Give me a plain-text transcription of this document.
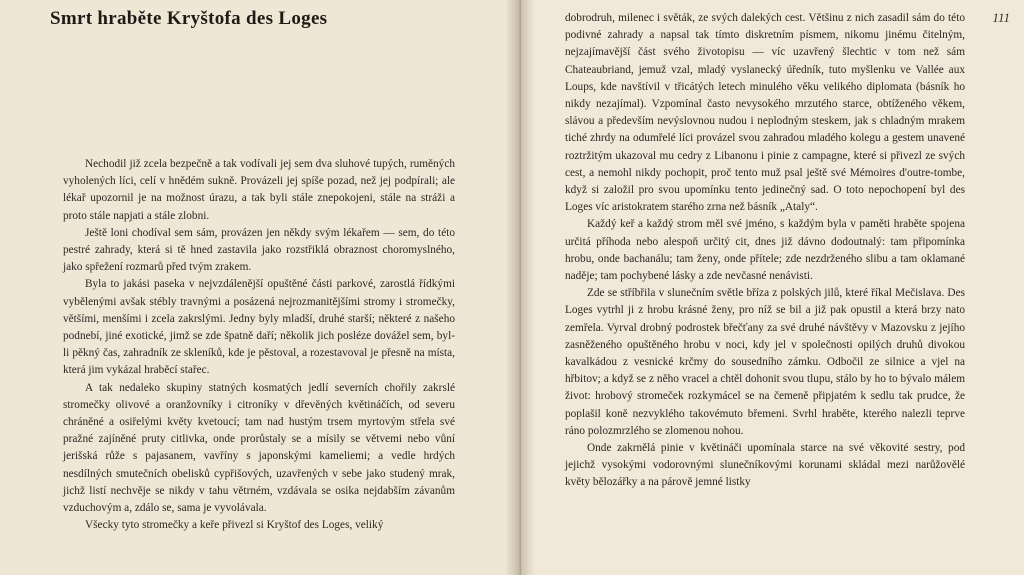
Smrt hraběte Kryštofa des Loges

Nechodil již zcela bezpečně a tak vodívali jej sem dva sluhové tupých, ruměných vyholených líci, celí v hnědém sukně. Provázeli jej spíše pozad, než jej podpírali; ale lékař upozornil je na možnost úrazu, a tak byli stále znepokojeni, stále na stráži a proto stále napjati a stále zlobni.

Ještě loni chodíval sem sám, provázen jen někdy svým lékařem — sem, do této pestré zahrady, která si tě hned zastavila jako rozstřiklá obraznost choromyslného, jako spřežení rozmarů před tvým zrakem.

Byla to jakási paseka v nejvzdálenější opuštěné části parkové, zarostlá řídkými vybělenými avšak stébly travnými a posázená nejrozmanitějšími stromy i stromečky, většími, menšími i zcela zakrslými. Jedny byly mladší, druhé starší; některé z našeho podnebí, jiné exotické, jimž se zde špatně daří; několik jich posléze dovážel sem, byl-li pěkný čas, zahradník ze skleníků, kde je pěstoval, a rozestavoval je přesně na místa, která jim vykázal hraběcí stařec.

A tak nedaleko skupiny statných kosmatých jedlí severních chořily zakrslé stromečky olivové a oranžovníky i citroníky v dřevěných květináčích, od severu chráněné a osiřelými květy kvetoucí; tam nad hustým trsem myrtovým střela své pražné zajíněné pruty citlivka, onde prorůstaly se a mísily se větvemi nebo vůní jerišská růže s pajasanem, vavříny s japonskými kameliemi; a vedle hrdých nesdílných smutečních obelisků cypřišových, uzavřených v sebe jako studený mrak, jichž listí nechvěje se nikdy v tahu větrném, vzdávala se osika nejdabším závanům vzduchovým a, zdálo se, sama je vyvolávala.

Všecky tyto stromečky a keře přivezl si Kryštof des Loges, veliký

111

dobrodruh, milenec i světák, ze svých dalekých cest. Většinu z nich zasadil sám do této podivné zahrady a napsal tak tímto diskretním písmem, nikomu jinému čitelným, nejzajímavější část svého životopisu — víc uzavřený šlechtic v tom než sám Chateaubriand, jemuž vzal, mladý vyslanecký úředník, tuto myšlenku ve Vallée aux Loups, kde navštívil v třicátých letech minulého věku velikého diplomata (básník ho nikdy nezajímal). Vzpomínal často nevysokého mrzutého starce, obtíženého věkem, slávou a především nevýslovnou nudou i neplodným steskem, jak s chladným mrakem tiché zhrdy na odumřelé líci provázel svou zahradou mladého kolegu a gestem unavené roztržitým ukazoval mu cedry z Libanonu i pinie z campagne, které si přivezl ze svých cest, a nemohl nikdy pochopit, proč tento muž psal ještě své Mémoires d'outre-tombe, když si založil pro svou upomínku tento jedinečný sad. O toto nepochopení byl des Loges víc aristokratem starého zrna než básník „Ataly“.

Každý keř a každý strom měl své jméno, s každým byla v paměti hraběte spojena určitá příhoda nebo alespoň určitý cit, dnes již dávno dodoutnalý: tam připomínka hrobu, onde bachanálu; tam ženy, onde přítele; zde nezdrženého slibu a tam oklamané naděje; tam pochybené lásky a zde nevčasné nenávisti.

Zde se stříbřila v slunečním světle bříza z polských jilů, které říkal Mečislava. Des Loges vytrhl ji z hrobu krásné ženy, pro níž se bil a již pak opustil a která brzy nato zemřela. Vyrval drobný podrostek břečťany za své druhé návštěvy v Mazovsku z jejího zasněženého opuštěného hrobu v noci, kdy jel v společnosti opilých druhů divokou kavalkádou z vesnické krčmy do sousedního zámku. Odbočil ze silnice a vjel na hřbitov; a když se z něho vracel a chtěl dohonit svou tlupu, stálo by ho to bývalo málem život: hrobový stromeček rozkymácel se na čemeně připjatém k sedlu tak prudce, že poplašil koně nezvyklého takovémuto břemeni. Svrhl hraběte, kterého nalezli teprve ráno polozmrzlého se zlomenou nohou.

Onde zakrnělá pinie v květináči upomínala starce na své věkovité sestry, pod jejichž vysokými vodorovnými slunečníkovými korunami skládal mezi narůžovělé květy bělozářky a na párově jemné listky
